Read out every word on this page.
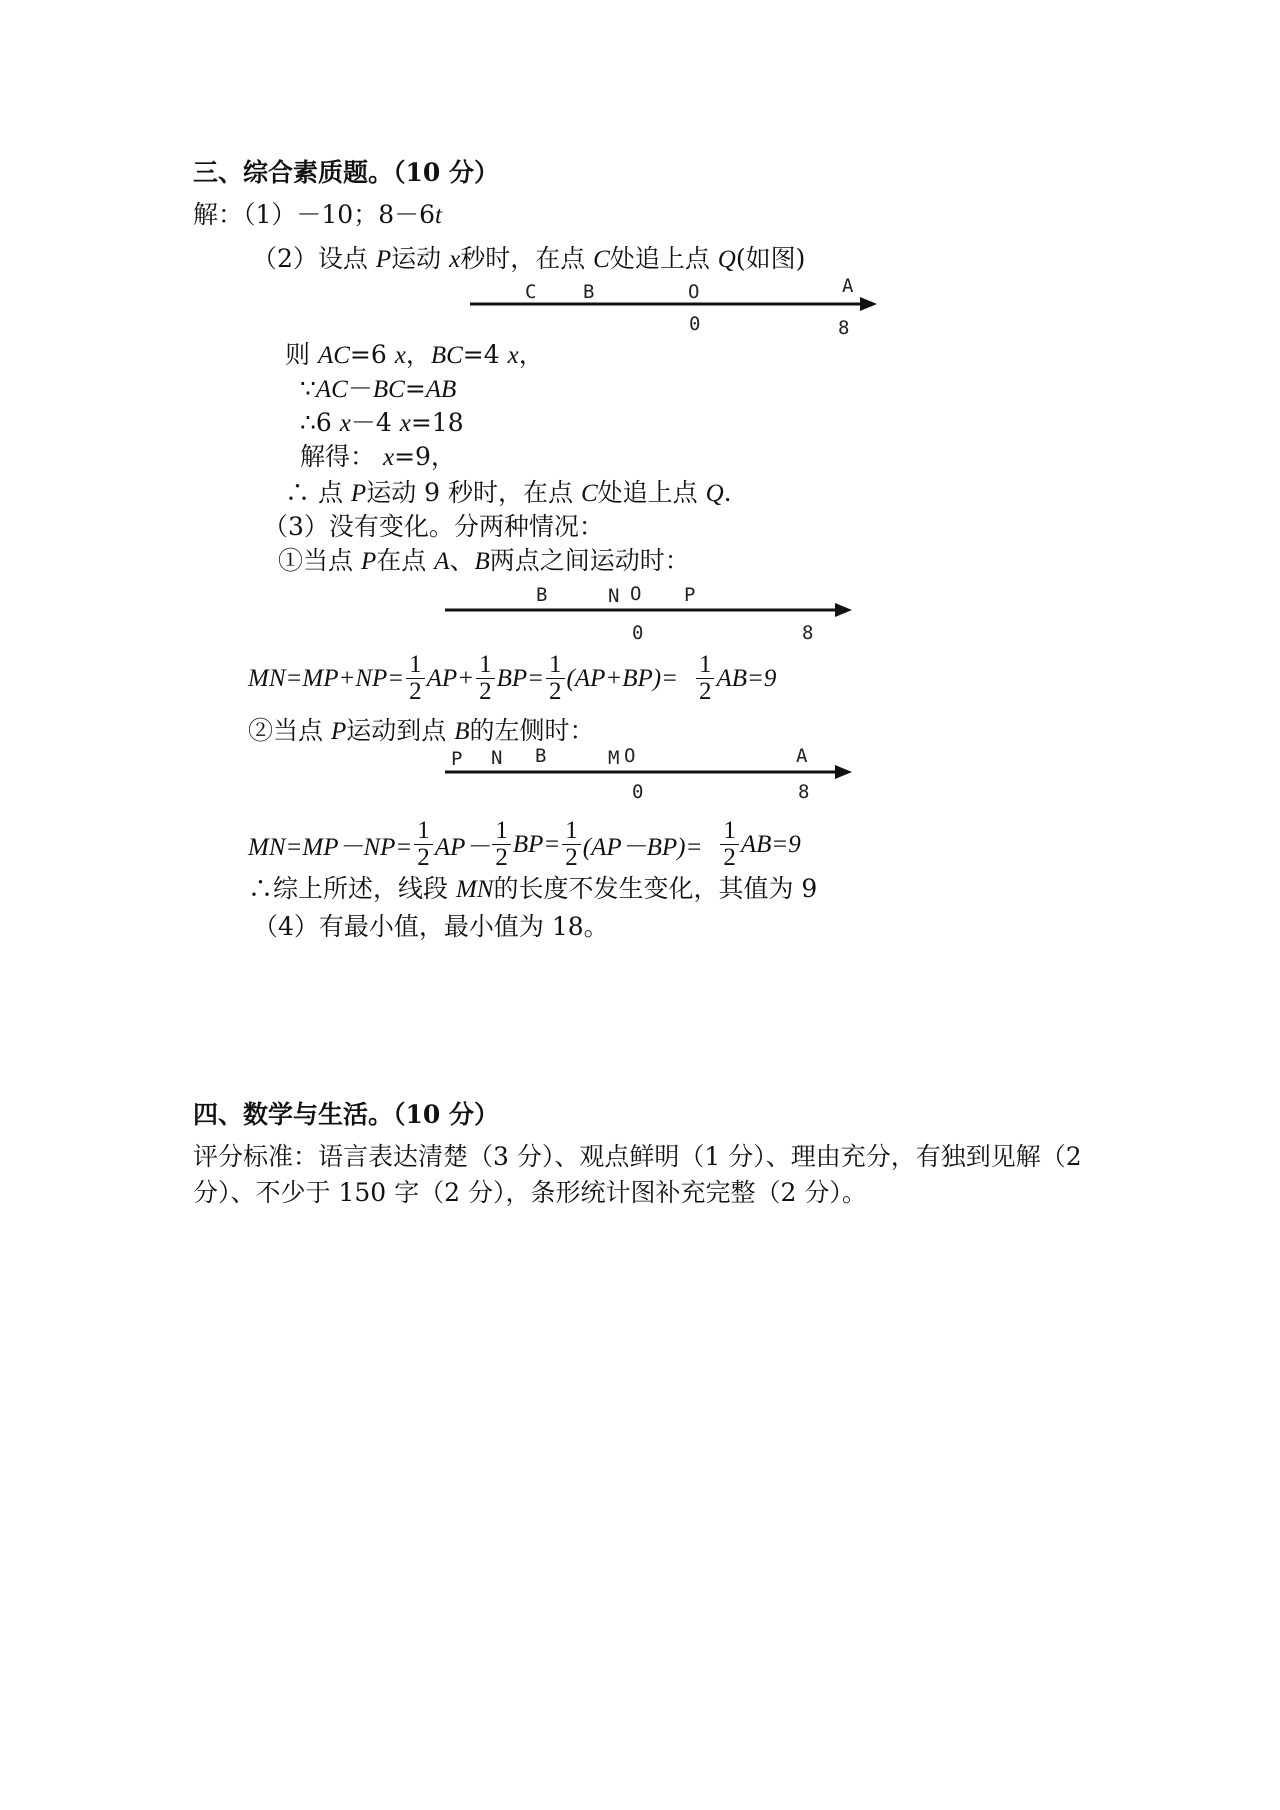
三、综合素质题。（10 分）
解：（1）－10；8－6t
（2）设点 P运动 x秒时，在点 C处追上点 Q(如图)
C B	O	A
0	8
则 AC=6 x，BC=4 x，
∵AC－BC=AB
∴6 x－4 x=18
解得： x=9，
∴ 点 P运动 9 秒时，在点 C处追上点 Q.
（3）没有变化。分两种情况：
①当点 P在点 A、B两点之间运动时：
B	N O P
0	8
$MN=MP+NP= \frac{1}{2} AP+ \frac{1}{2} BP= \frac{1}{2} (AP+BP)= \frac{1}{2} AB=9$
②当点 P运动到点 B的左侧时：
P N B	M O	A
0	8
$MN=MP-NP= \frac{1}{2} AP- \frac{1}{2} BP= \frac{1}{2} (AP-BP)= \frac{1}{2} AB=9$
∴综上所述，线段 MN的长度不发生变化，其值为 9
（4）有最小值，最小值为 18。
四、数学与生活。（10 分）
评分标准：语言表达清楚（3 分）、观点鲜明（1 分）、理由充分，有独到见解（2
分）、不少于 150 字（2 分），条形统计图补充完整（2 分）。
